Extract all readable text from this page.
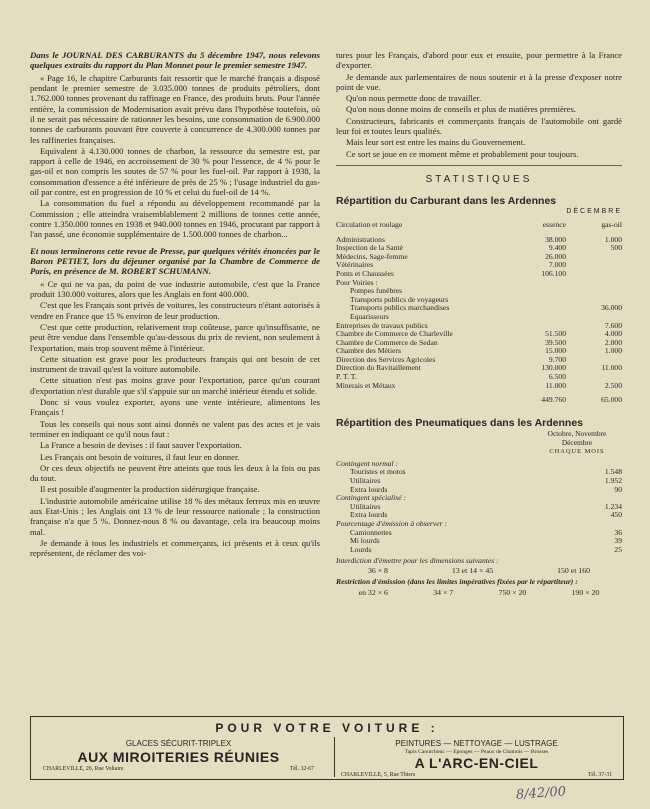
Dans le JOURNAL DES CARBURANTS du 5 décembre 1947, nous relevons quelques extraits du rapport du Plan Monnet pour le premier semestre 1947.

« Page 16, le chapitre Carburants fait ressortir que le marché français a disposé pendant le premier semestre de 3.035.000 tonnes de produits pétroliers, dont 1.762.000 tonnes provenant du raffinage en France, des produits bruts. Pour l'année entière, la commission de Modernisation avait prévu dans l'hypothèse toutefois, où il ne serait pas nécessaire de rationner les besoins, une consommation de 6.900.000 tonnes de carburants pouvant être couverte à concurrence de 4.300.000 tonnes par les raffineries françaises.

Equivalent à 4.130.000 tonnes de charbon, la ressource du semestre est, par rapport à celle de 1946, en accroissement de 30 % pour l'essence, de 4 % pour le gas-oil et non compris les soutes de 57 % pour les fuel-oil. Par rapport à 1938, la consommation d'essence a été inférieure de près de 25 % ; l'usage industriel du gas-oil par contre, est en progression de 10 % et celui du fuel-oil de 14 %.

La consommation du fuel a répondu au développement recommandé par la Commission ; elle atteindra vraisemblablement 2 millions de tonnes cette année, contre 1.350.000 tonnes en 1938 et 940.000 tonnes en 1946, procurant par rapport à l'an passé, une économie supplémentaire de 1.500.000 tonnes de charbon...

Et nous terminerons cette revue de Presse, par quelques vérités énoncées par le Baron PETIET, lors du déjeuner organisé par la Chambre de Commerce de Paris, en présence de M. ROBERT SCHUMANN.

« Ce qui ne va pas, du point de vue industrie automobile, c'est que la France produit 130.000 voitures, alors que les Anglais en font 400.000.

C'est que les Français sont privés de voitures, les constructeurs n'étant autorisés à vendre en France que 15 % environ de leur production.

C'est que cette production, relativement trop coûteuse, parce qu'insuffisante, ne peut être vendue dans l'ensemble qu'au-dessous du prix de revient, non seulement à l'exportation, mais trop souvent même à l'intérieur.

Cette situation est grave pour les producteurs français qui ont besoin de cet instrument de travail qu'est la voiture automobile.

Cette situation n'est pas moins grave pour l'exportation, parce qu'un courant d'exportation n'est durable que s'il s'appuie sur un marché intérieur étendu et solide.

Donc si vous voulez exporter, ayons une vente intérieure, alimentons les Français !

Tous les conseils qui nous sont ainsi donnés ne valent pas des actes et je vais terminer en indiquant ce qu'il nous faut :

La France a besoin de devises : il faut sauver l'exportation.

Les Français ont besoin de voitures, il faut leur en donner.

Or ces deux objectifs ne peuvent être atteints que tous les deux à la fois ou pas du tout.

Il est possible d'augmenter la production sidérurgique française.

L'industrie automobile américaine utilise 18 % des métaux ferreux mis en œuvre aux Etat-Unis ; les Anglais ont 13 % de leur ressource nationale ; la construction française n'a que 5 %. Donnez-nous 8 % ou davantage, cela ira beaucoup moins mal.

Je demande à tous les industriels et commerçants, ici présents et à ceux qu'ils représentent, de réclamer des voi-

tures pour les Français, d'abord pour eux et ensuite, pour permettre à la France d'exporter.

Je demande aux parlementaires de nous soutenir et à la presse d'exposer notre point de vue.

Qu'on nous permette donc de travailler.

Qu'on nous donne moins de conseils et plus de matières premières.

Constructeurs, fabricants et commerçants français de l'automobile ont gardé leur foi et toutes leurs qualités.

Mais leur sort est entre les mains du Gouvernement.

Ce sort se joue en ce moment même et probablement pour toujours.

STATISTIQUES

Répartition du Carburant dans les Ardennes

DÉCEMBRE
Circulation et roulage	essence	gas-oil
Administrations	38.000	1.000
Inspection de la Santé	9.400	500
Médecins, Sage-femme	26.000	
Vétérinaires	7.000	
Ponts et Chaussées	106.100	
Pour Voiries :		
Pompes funèbres		
Transports publics de voyageurs		
Transports publics marchandises		36.000
Equarisseurs		
Entreprises de travaux publics		7.600
Chambre de Commerce de Charleville	51.500	4.000
Chambre de Commerce de Sedan	39.500	2.000
Chambre des Métiers	15.000	1.000
Direction des Services Agricoles	9.700	
Direction du Ravitaillement	130.000	11.000
P. T. T.	6.500	
Minerais et Métaux	11.000	2.500
	449.760	65.000

Répartition des Pneumatiques dans les Ardennes

	Octobre, Novembre Décembre
	CHAQUE MOIS
Contingent normal :	
Touristes et motos	1.548
Utilitaires	1.952
Extra lourds	90
Contingent spécialisé :	
Utilitaires	1.234
Extra lourds	450
Pourcentage d'émission à observer :	
Camionnettes	36
Mi lourds	39
Lourds	25
Interdiction d'émettre pour les dimensions suivantes :
36 × 8	13 et 14 × 45	150 et 160
Restriction d'émission (dans les limites impératives fixées par le répartiteur) :
en 32 × 6	34 × 7	750 × 20	190 × 20
POUR VOTRE VOITURE :
GLACES SÉCURIT-TRIPLEX
AUX MIROITERIES RÉUNIES
CHARLEVILLE, 26, Rue Voltaire	Tél. 32-67
PEINTURES — NETTOYAGE — LUSTRAGE
Tapis Caoutchouc — Eponges — Peaux de Chamois — Brosses
A L'ARC-EN-CIEL
CHARLEVILLE, 5, Rue Thiers	Tél. 37-31
8/42/00
